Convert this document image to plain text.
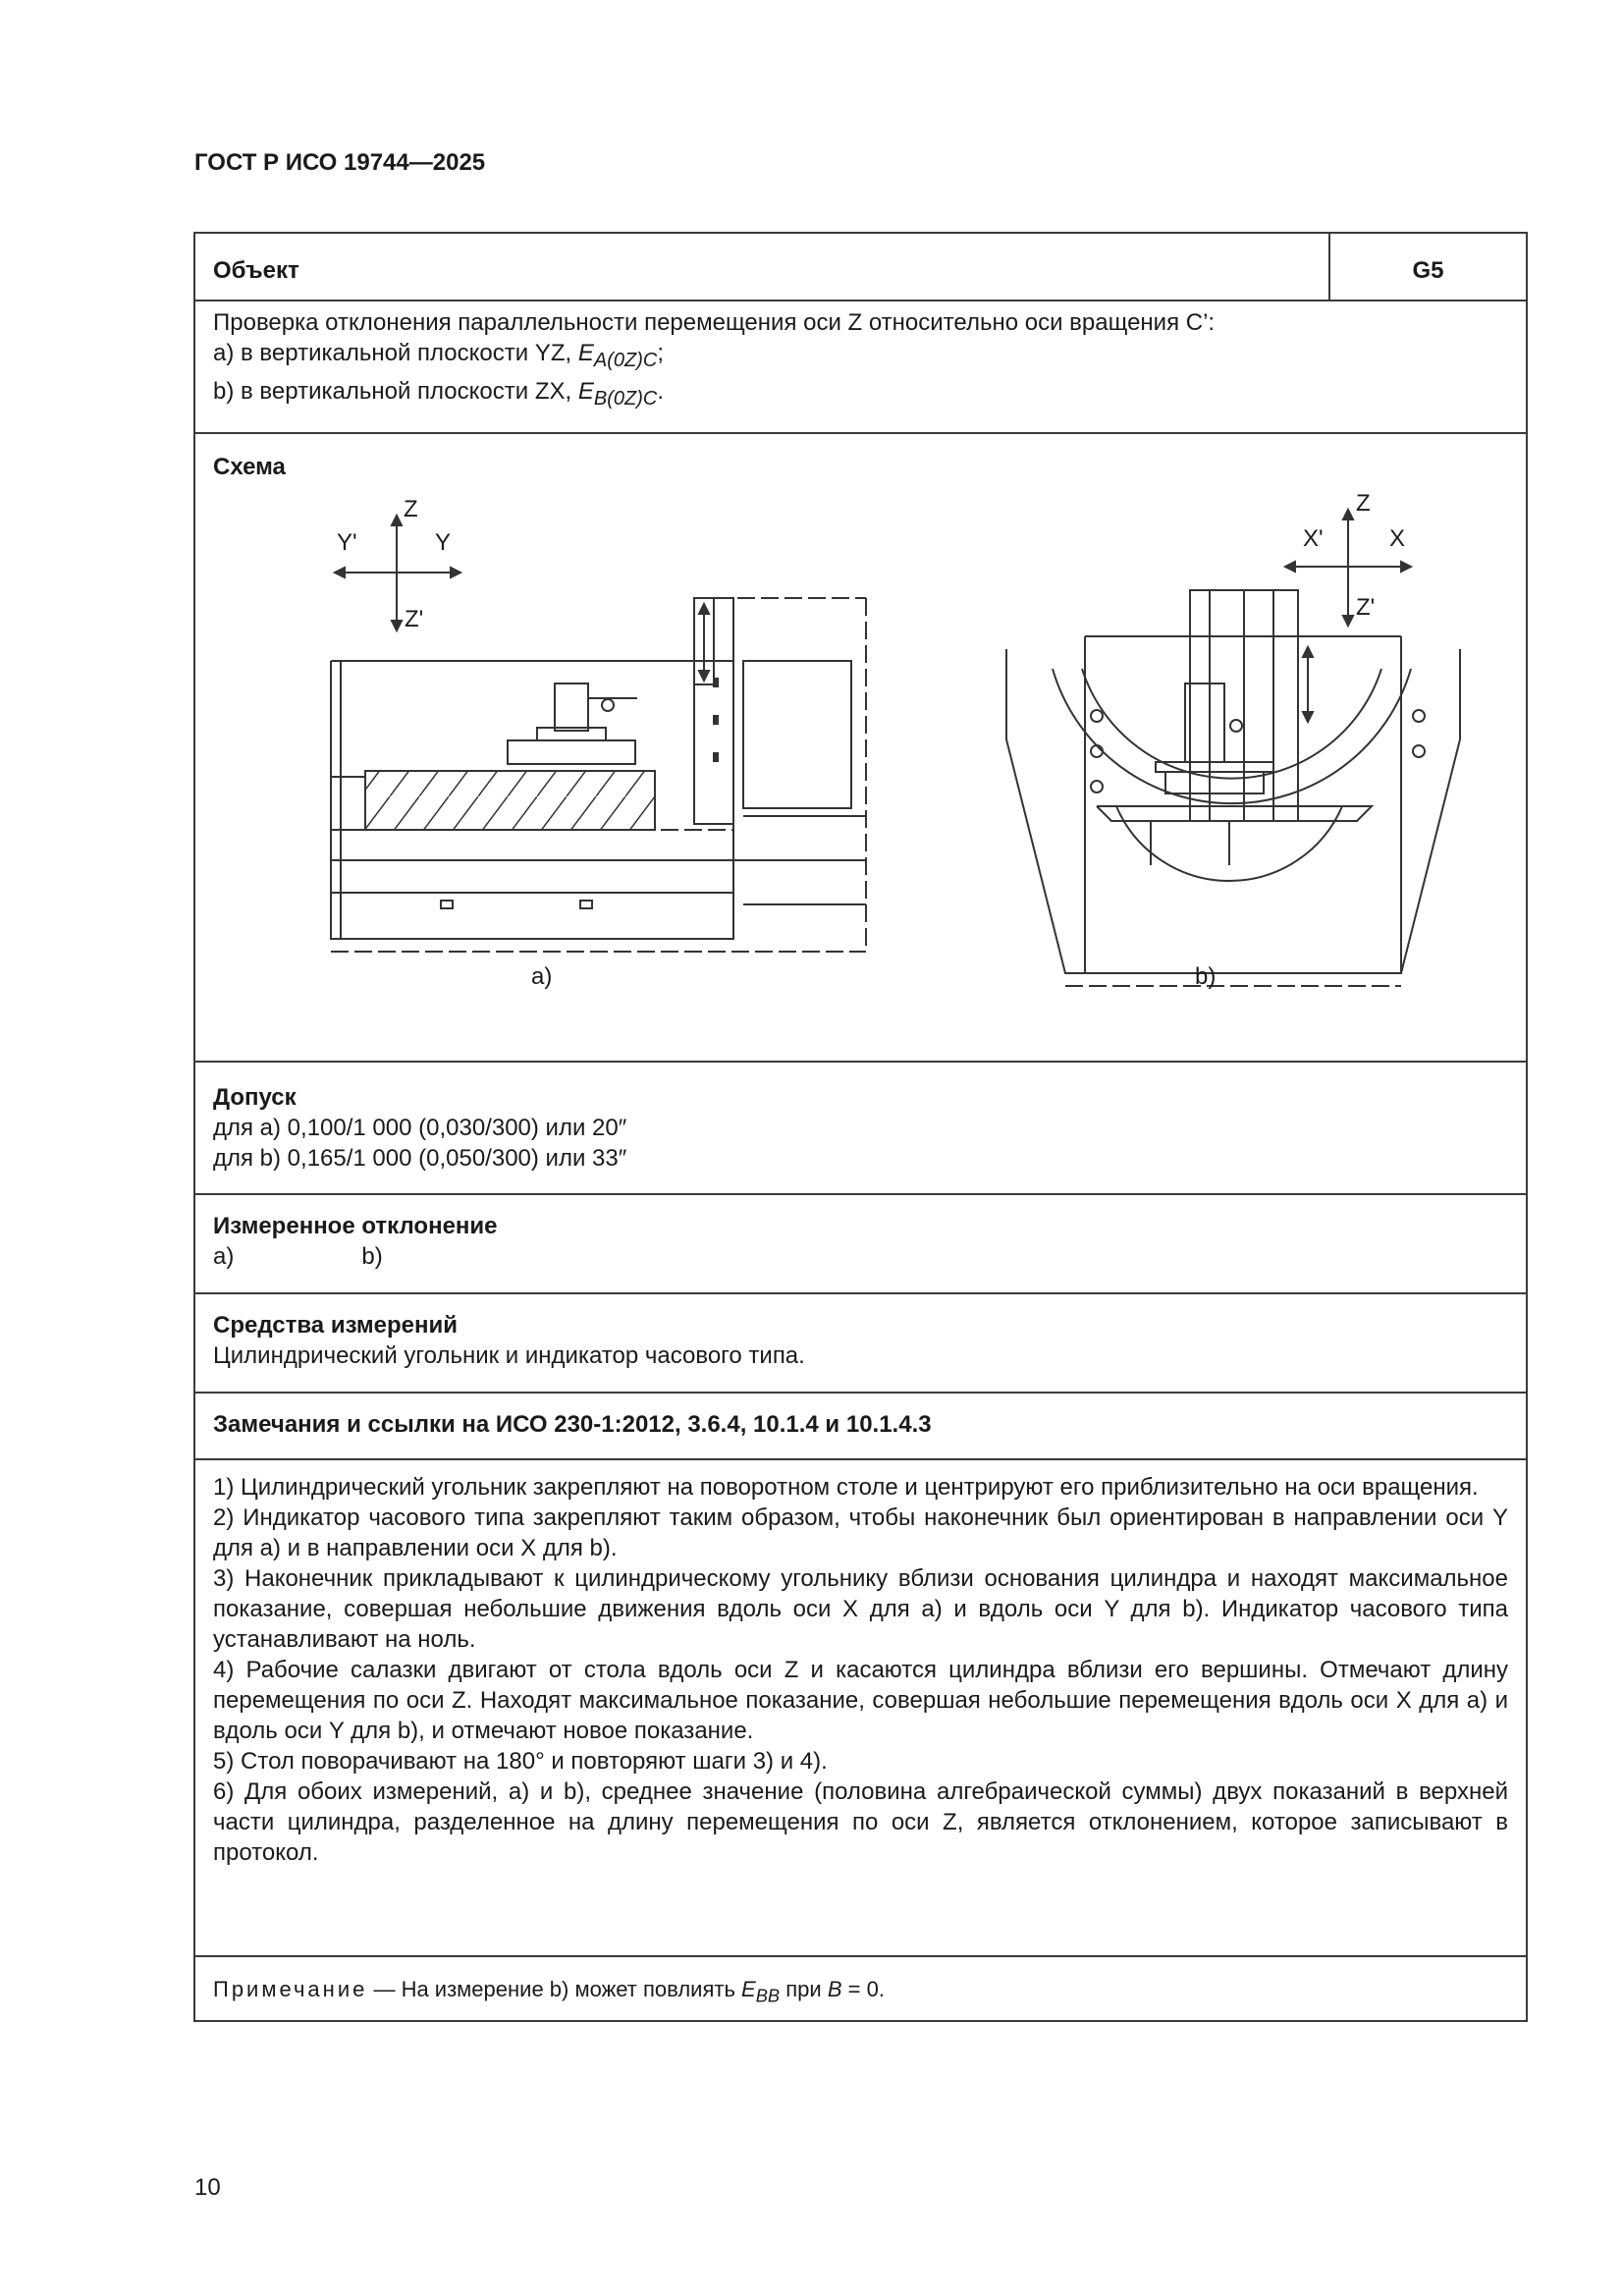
ГОСТ Р ИСО 19744—2025
Объект	G5

Проверка отклонения параллельности перемещения оси Z относительно оси вращения C’:
a) в вертикальной плоскости YZ, $E_{A(0Z)C}$;
b) в вертикальной плоскости ZX, $E_{B(0Z)C}$.

Схема
Z
Y'	Y
Z'
Z
X'	X
Z'
a)	b)

Допуск
для a) 0,100/1 000 (0,030/300) или 20″
для b) 0,165/1 000 (0,050/300) или 33″

Измеренное отклонение
a)	b)

Средства измерений
Цилиндрический угольник и индикатор часового типа.

Замечания и ссылки на ИСО 230-1:2012, 3.6.4, 10.1.4 и 10.1.4.3

1) Цилиндрический угольник закрепляют на поворотном столе и центрируют его приблизительно на оси вращения.
2) Индикатор часового типа закрепляют таким образом, чтобы наконечник был ориентирован в направлении оси Y для a) и в направлении оси X для b).
3) Наконечник прикладывают к цилиндрическому угольнику вблизи основания цилиндра и находят максимальное показание, совершая небольшие движения вдоль оси X для a) и вдоль оси Y для b). Индикатор часового типа устанавливают на ноль.
4) Рабочие салазки двигают от стола вдоль оси Z и касаются цилиндра вблизи его вершины. Отмечают длину перемещения по оси Z. Находят максимальное показание, совершая небольшие перемещения вдоль оси X для a) и вдоль оси Y для b), и отмечают новое показание.
5) Стол поворачивают на 180° и повторяют шаги 3) и 4).
6) Для обоих измерений, a) и b), среднее значение (половина алгебраической суммы) двух показаний в верхней части цилиндра, разделенное на длину перемещения по оси Z, является отклонением, которое записывают в протокол.

Примечание — На измерение b) может повлиять $E_{BB}$ при B = 0.
10
